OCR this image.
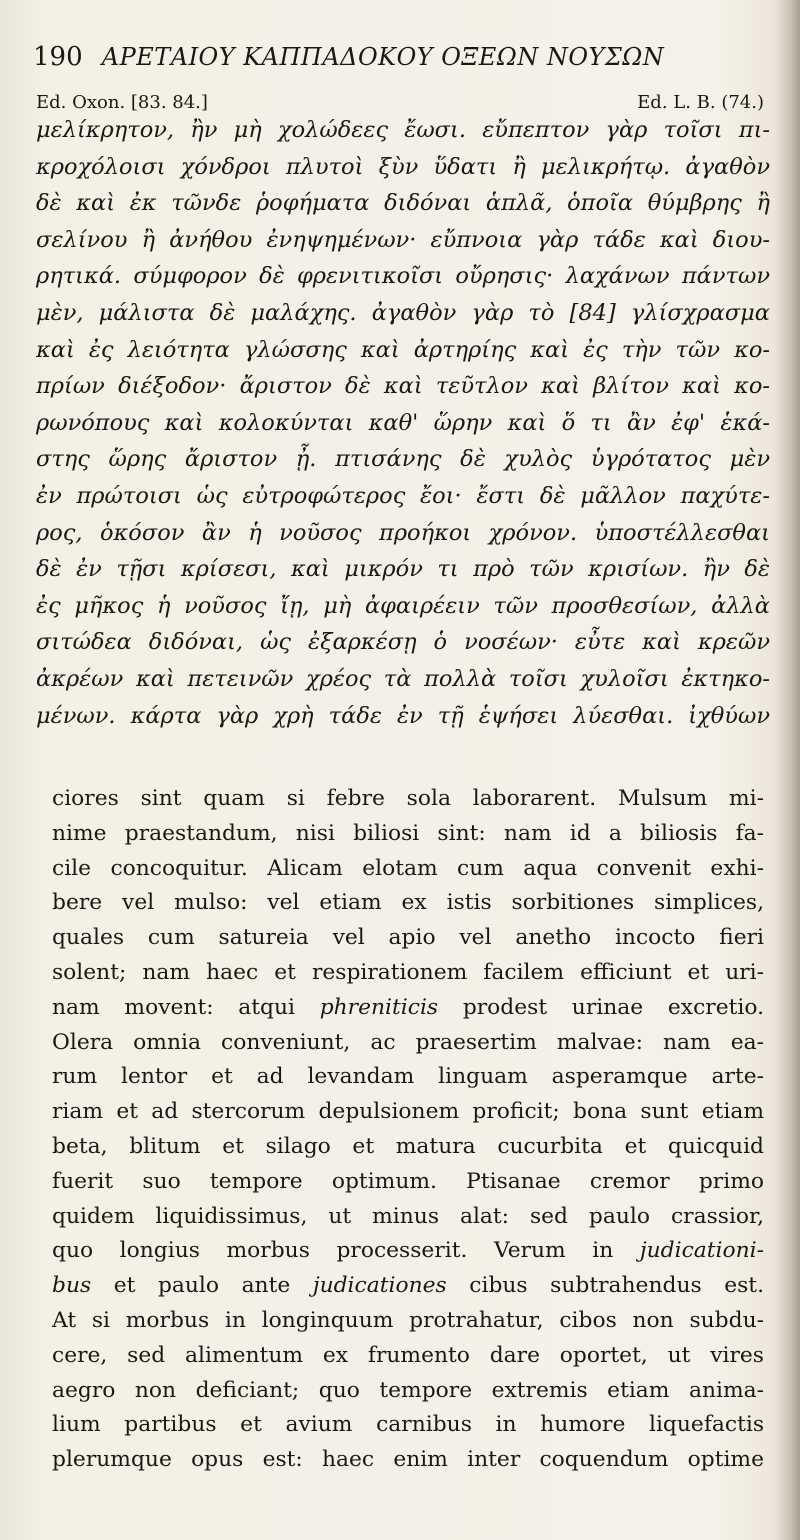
190 ΑΡΕΤΑΙΟΥ ΚΑΠΠΑΔΟΚΟΥ ΟΞΕΩΝ ΝΟΥΣΩΝ
Ed. Oxon. [83. 84.]	Ed. L. B. (74.)
μελίκρητον, ἢν μὴ χολώδεες ἔωσι. εὔπεπτον γὰρ τοῖσι πι-
κροχόλοισι χόνδροι πλυτοὶ ξὺν ὕδατι ἢ μελικρήτῳ. ἀγαθὸν
δὲ καὶ ἐκ τῶνδε ῥοφήματα διδόναι ἁπλᾶ, ὁποῖα θύμβρης ἢ
σελίνου ἢ ἀνήθου ἐνηψημένων· εὔπνοια γὰρ τάδε καὶ διου-
ρητικά. σύμφορον δὲ φρενιτικοῖσι οὔρησις· λαχάνων πάντων
μὲν, μάλιστα δὲ μαλάχης. ἀγαθὸν γὰρ τὸ [84] γλίσχρασμα
καὶ ἐς λειότητα γλώσσης καὶ ἀρτηρίης καὶ ἐς τὴν τῶν κο-
πρίων διέξοδον· ἄριστον δὲ καὶ τεῦτλον καὶ βλίτον καὶ κο-
ρωνόπους καὶ κολοκύνται καθ' ὥρην καὶ ὅ τι ἂν ἐφ' ἑκά-
στης ὥρης ἄριστον ᾖ. πτισάνης δὲ χυλὸς ὑγρότατος μὲν
ἐν πρώτοισι ὡς εὐτροφώτερος ἔοι· ἔστι δὲ μᾶλλον παχύτε-
ρος, ὁκόσον ἂν ἡ νοῦσος προήκοι χρόνον. ὑποστέλλεσθαι
δὲ ἐν τῇσι κρίσεσι, καὶ μικρόν τι πρὸ τῶν κρισίων. ἢν δὲ
ἐς μῆκος ἡ νοῦσος ἴῃ, μὴ ἀφαιρέειν τῶν προσθεσίων, ἀλλὰ
σιτώδεα διδόναι, ὡς ἐξαρκέσῃ ὁ νοσέων· εὖτε καὶ κρεῶν
ἀκρέων καὶ πετεινῶν χρέος τὰ πολλὰ τοῖσι χυλοῖσι ἐκτηκο-
μένων. κάρτα γὰρ χρὴ τάδε ἐν τῇ ἑψήσει λύεσθαι. ἰχθύων
ciores sint quam si febre sola laborarent. Mulsum mi-
nime praestandum, nisi biliosi sint: nam id a biliosis fa-
cile concoquitur. Alicam elotam cum aqua convenit exhi-
bere vel mulso: vel etiam ex istis sorbitiones simplices,
quales cum satureia vel apio vel anetho incocto fieri
solent; nam haec et respirationem facilem efficiunt et uri-
nam movent: atqui phreniticis prodest urinae excretio.
Olera omnia conveniunt, ac praesertim malvae: nam ea-
rum lentor et ad levandam linguam asperamque arte-
riam et ad stercorum depulsionem proficit; bona sunt etiam
beta, blitum et silago et matura cucurbita et quicquid
fuerit suo tempore optimum. Ptisanae cremor primo
quidem liquidissimus, ut minus alat: sed paulo crassior,
quo longius morbus processerit. Verum in judicationi-
bus et paulo ante judicationes cibus subtrahendus est.
At si morbus in longinquum protrahatur, cibos non subdu-
cere, sed alimentum ex frumento dare oportet, ut vires
aegro non deficiant; quo tempore extremis etiam anima-
lium partibus et avium carnibus in humore liquefactis
plerumque opus est: haec enim inter coquendum optime
